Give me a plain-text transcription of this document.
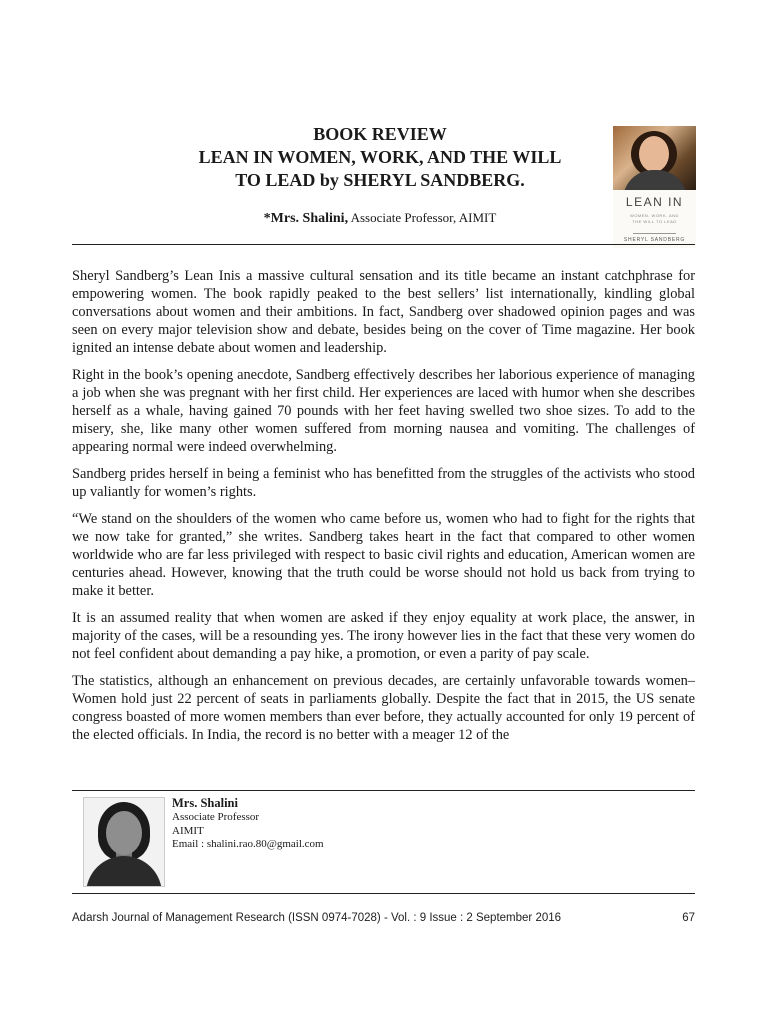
BOOK REVIEW
LEAN IN WOMEN, WORK, AND THE WILL
TO LEAD by SHERYL SANDBERG.
*Mrs. Shalini, Associate Professor, AIMIT
LEAN IN
WOMEN, WORK, AND
THE WILL TO LEAD
SHERYL SANDBERG

Sheryl Sandberg’s Lean Inis a massive cultural sensation and its title became an instant catchphrase for empowering women. The book rapidly peaked to the best sellers’ list internationally, kindling global conversations about women and their ambitions. In fact, Sandberg over shadowed opinion pages and was seen on every major television show and debate, besides being on the cover of Time magazine. Her book ignited an intense debate about women and leadership.

Right in the book’s opening anecdote, Sandberg effectively describes her laborious experience of managing a job when she was pregnant with her first child. Her experiences are laced with humor when she describes herself as a whale, having gained 70 pounds with her feet having swelled two shoe sizes. To add to the misery, she, like many other women suffered from morning nausea and vomiting. The challenges of appearing normal were indeed overwhelming.

Sandberg prides herself in being a feminist who has benefitted from the struggles of the activists who stood up valiantly for women’s rights.

“We stand on the shoulders of the women who came before us, women who had to fight for the rights that we now take for granted,” she writes. Sandberg takes heart in the fact that compared to other women worldwide who are far less privileged with respect to basic civil rights and education, American women are centuries ahead. However, knowing that the truth could be worse should not hold us back from trying to make it better.

It is an assumed reality that when women are asked if they enjoy equality at work place, the answer, in majority of the cases, will be a resounding yes. The irony however lies in the fact that these very women do not feel confident about demanding a pay hike, a promotion, or even a parity of pay scale.

The statistics, although an enhancement on previous decades, are certainly unfavorable towards women– Women hold just 22 percent of seats in parliaments globally. Despite the fact that in 2015, the US senate congress boasted of more women members than ever before, they actually accounted for only 19 percent of the elected officials. In India, the record is no better with a meager 12 of the

Mrs. Shalini
Associate Professor
AIMIT
Email : shalini.rao.80@gmail.com
Adarsh Journal of Management Research (ISSN 0974-7028) - Vol. : 9 Issue : 2 September 2016	67
